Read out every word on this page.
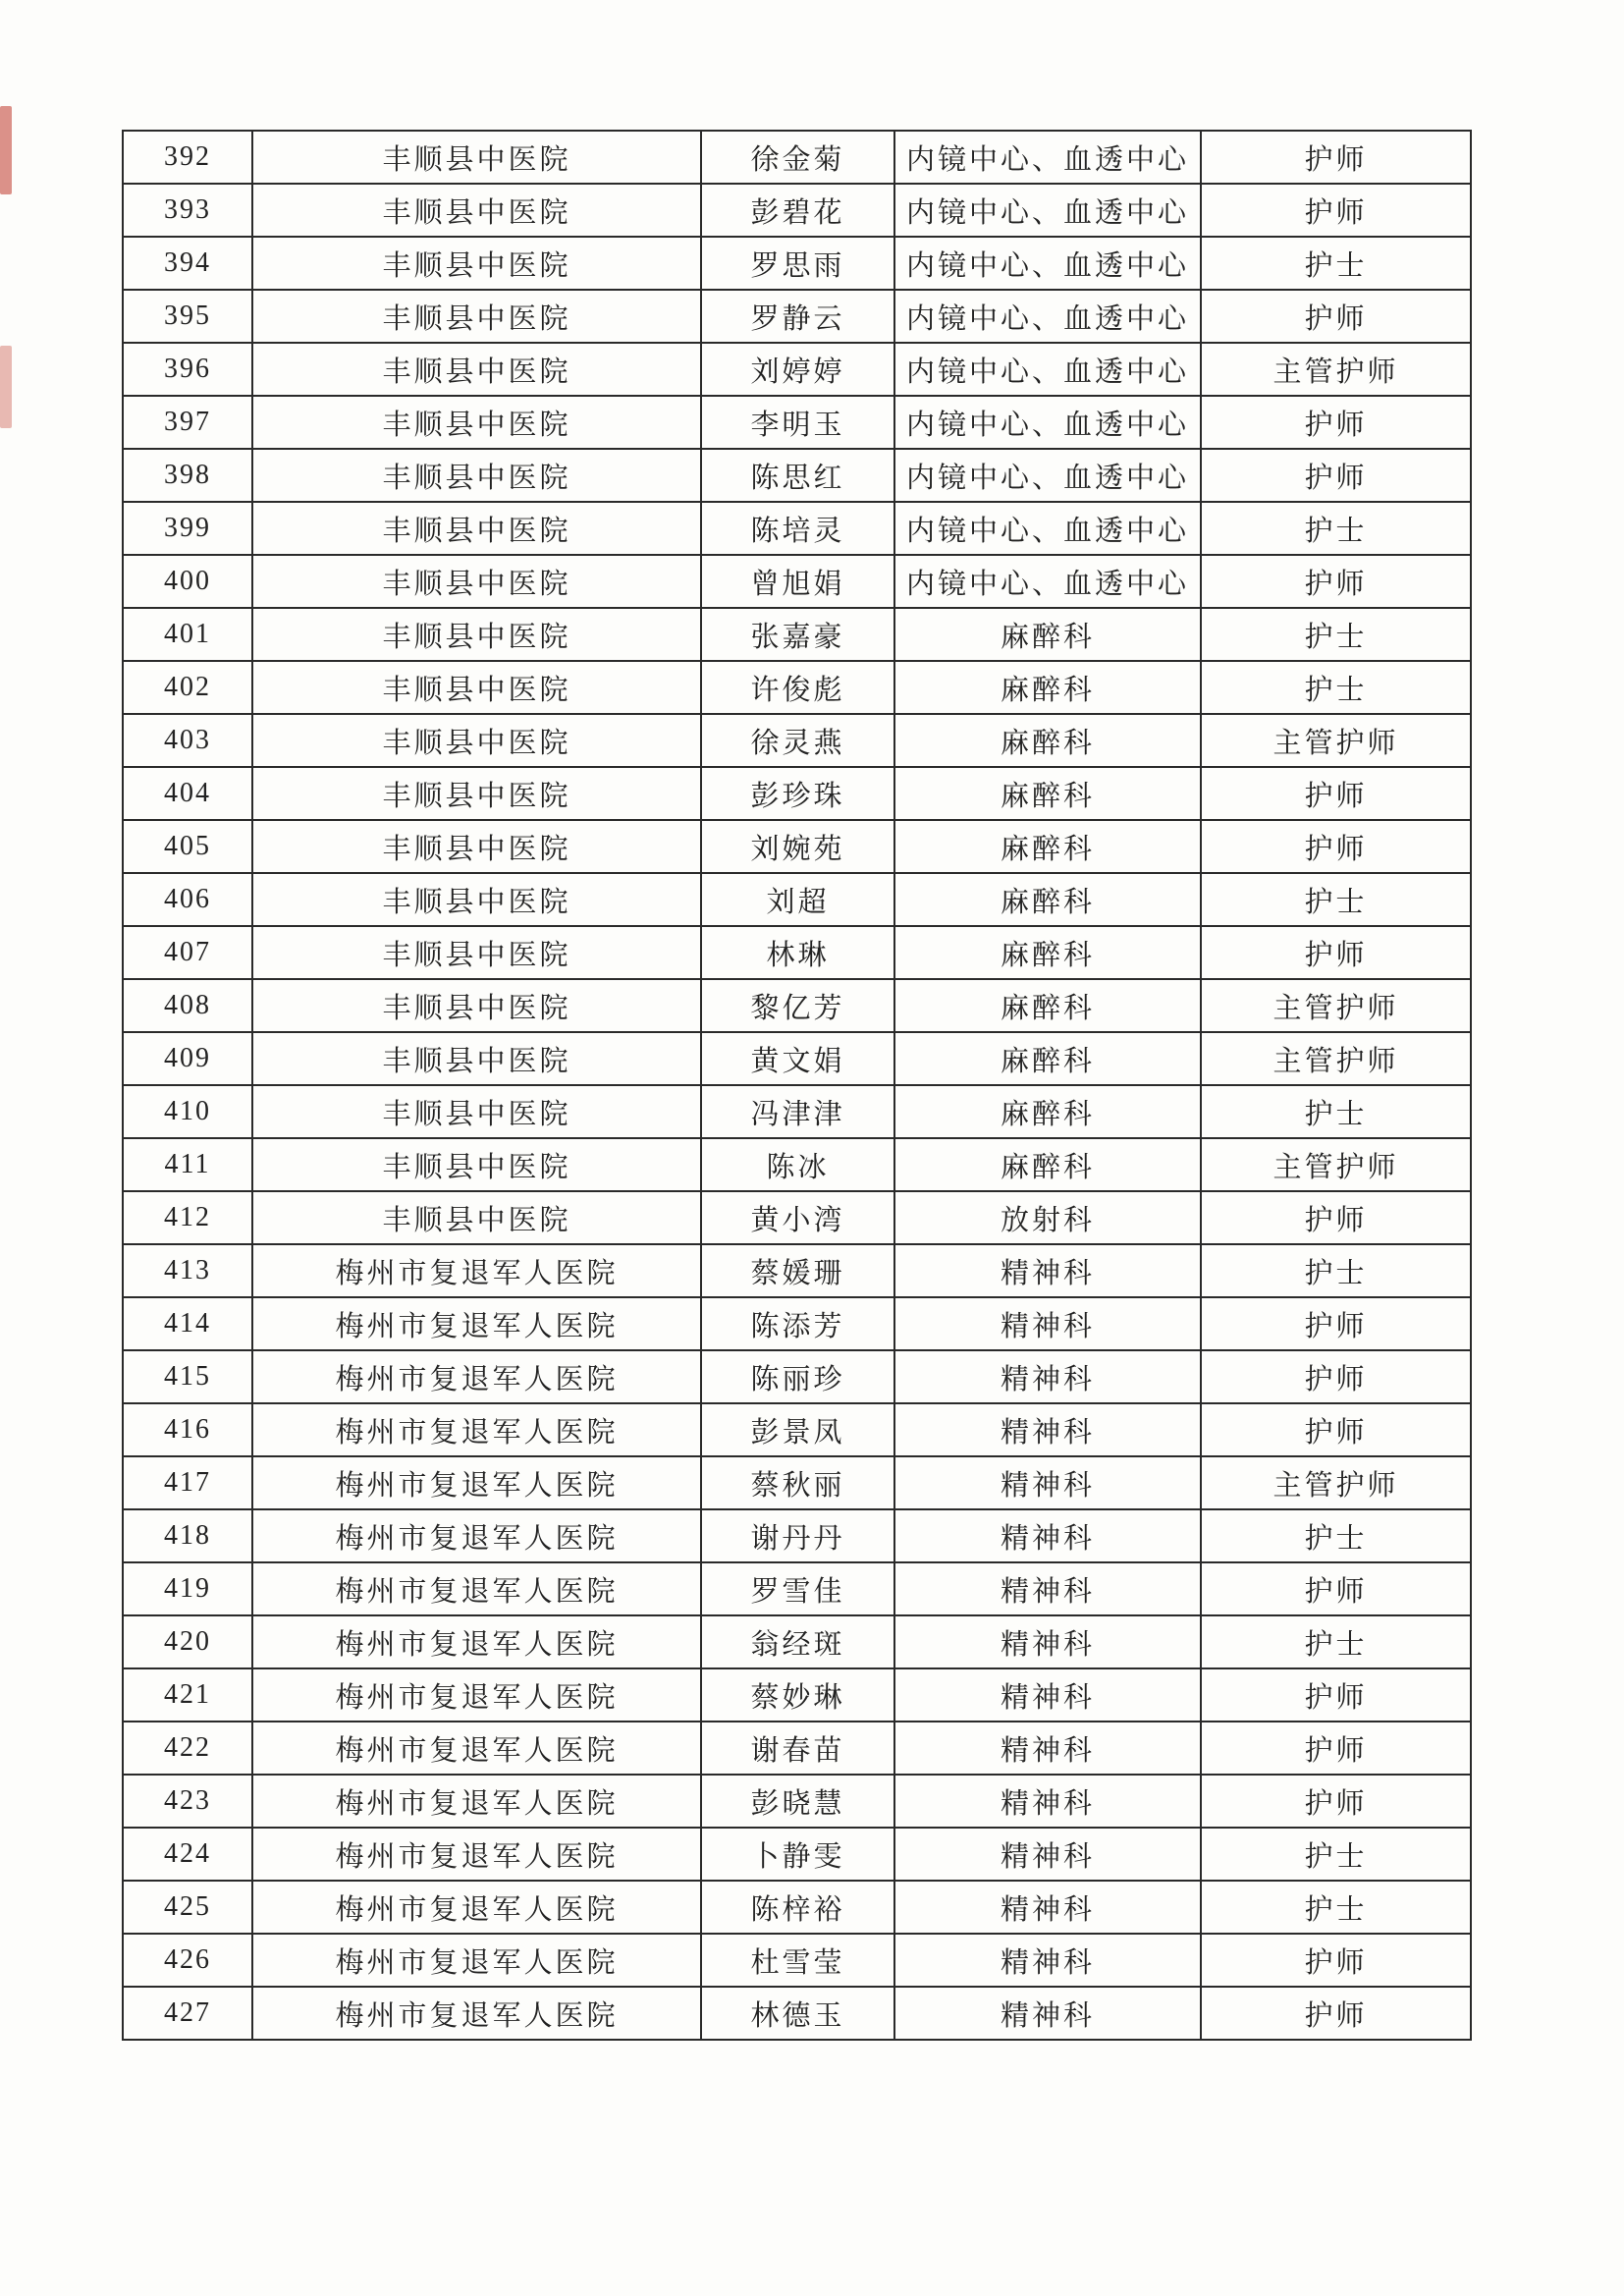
392	丰顺县中医院	徐金菊	内镜中心、血透中心	护师
393	丰顺县中医院	彭碧花	内镜中心、血透中心	护师
394	丰顺县中医院	罗思雨	内镜中心、血透中心	护士
395	丰顺县中医院	罗静云	内镜中心、血透中心	护师
396	丰顺县中医院	刘婷婷	内镜中心、血透中心	主管护师
397	丰顺县中医院	李明玉	内镜中心、血透中心	护师
398	丰顺县中医院	陈思红	内镜中心、血透中心	护师
399	丰顺县中医院	陈培灵	内镜中心、血透中心	护士
400	丰顺县中医院	曾旭娟	内镜中心、血透中心	护师
401	丰顺县中医院	张嘉豪	麻醉科	护士
402	丰顺县中医院	许俊彪	麻醉科	护士
403	丰顺县中医院	徐灵燕	麻醉科	主管护师
404	丰顺县中医院	彭珍珠	麻醉科	护师
405	丰顺县中医院	刘婉苑	麻醉科	护师
406	丰顺县中医院	刘超	麻醉科	护士
407	丰顺县中医院	林琳	麻醉科	护师
408	丰顺县中医院	黎亿芳	麻醉科	主管护师
409	丰顺县中医院	黄文娟	麻醉科	主管护师
410	丰顺县中医院	冯津津	麻醉科	护士
411	丰顺县中医院	陈冰	麻醉科	主管护师
412	丰顺县中医院	黄小湾	放射科	护师
413	梅州市复退军人医院	蔡媛珊	精神科	护士
414	梅州市复退军人医院	陈添芳	精神科	护师
415	梅州市复退军人医院	陈丽珍	精神科	护师
416	梅州市复退军人医院	彭景凤	精神科	护师
417	梅州市复退军人医院	蔡秋丽	精神科	主管护师
418	梅州市复退军人医院	谢丹丹	精神科	护士
419	梅州市复退军人医院	罗雪佳	精神科	护师
420	梅州市复退军人医院	翁经斑	精神科	护士
421	梅州市复退军人医院	蔡妙琳	精神科	护师
422	梅州市复退军人医院	谢春苗	精神科	护师
423	梅州市复退军人医院	彭晓慧	精神科	护师
424	梅州市复退军人医院	卜静雯	精神科	护士
425	梅州市复退军人医院	陈梓裕	精神科	护士
426	梅州市复退军人医院	杜雪莹	精神科	护师
427	梅州市复退军人医院	林德玉	精神科	护师
